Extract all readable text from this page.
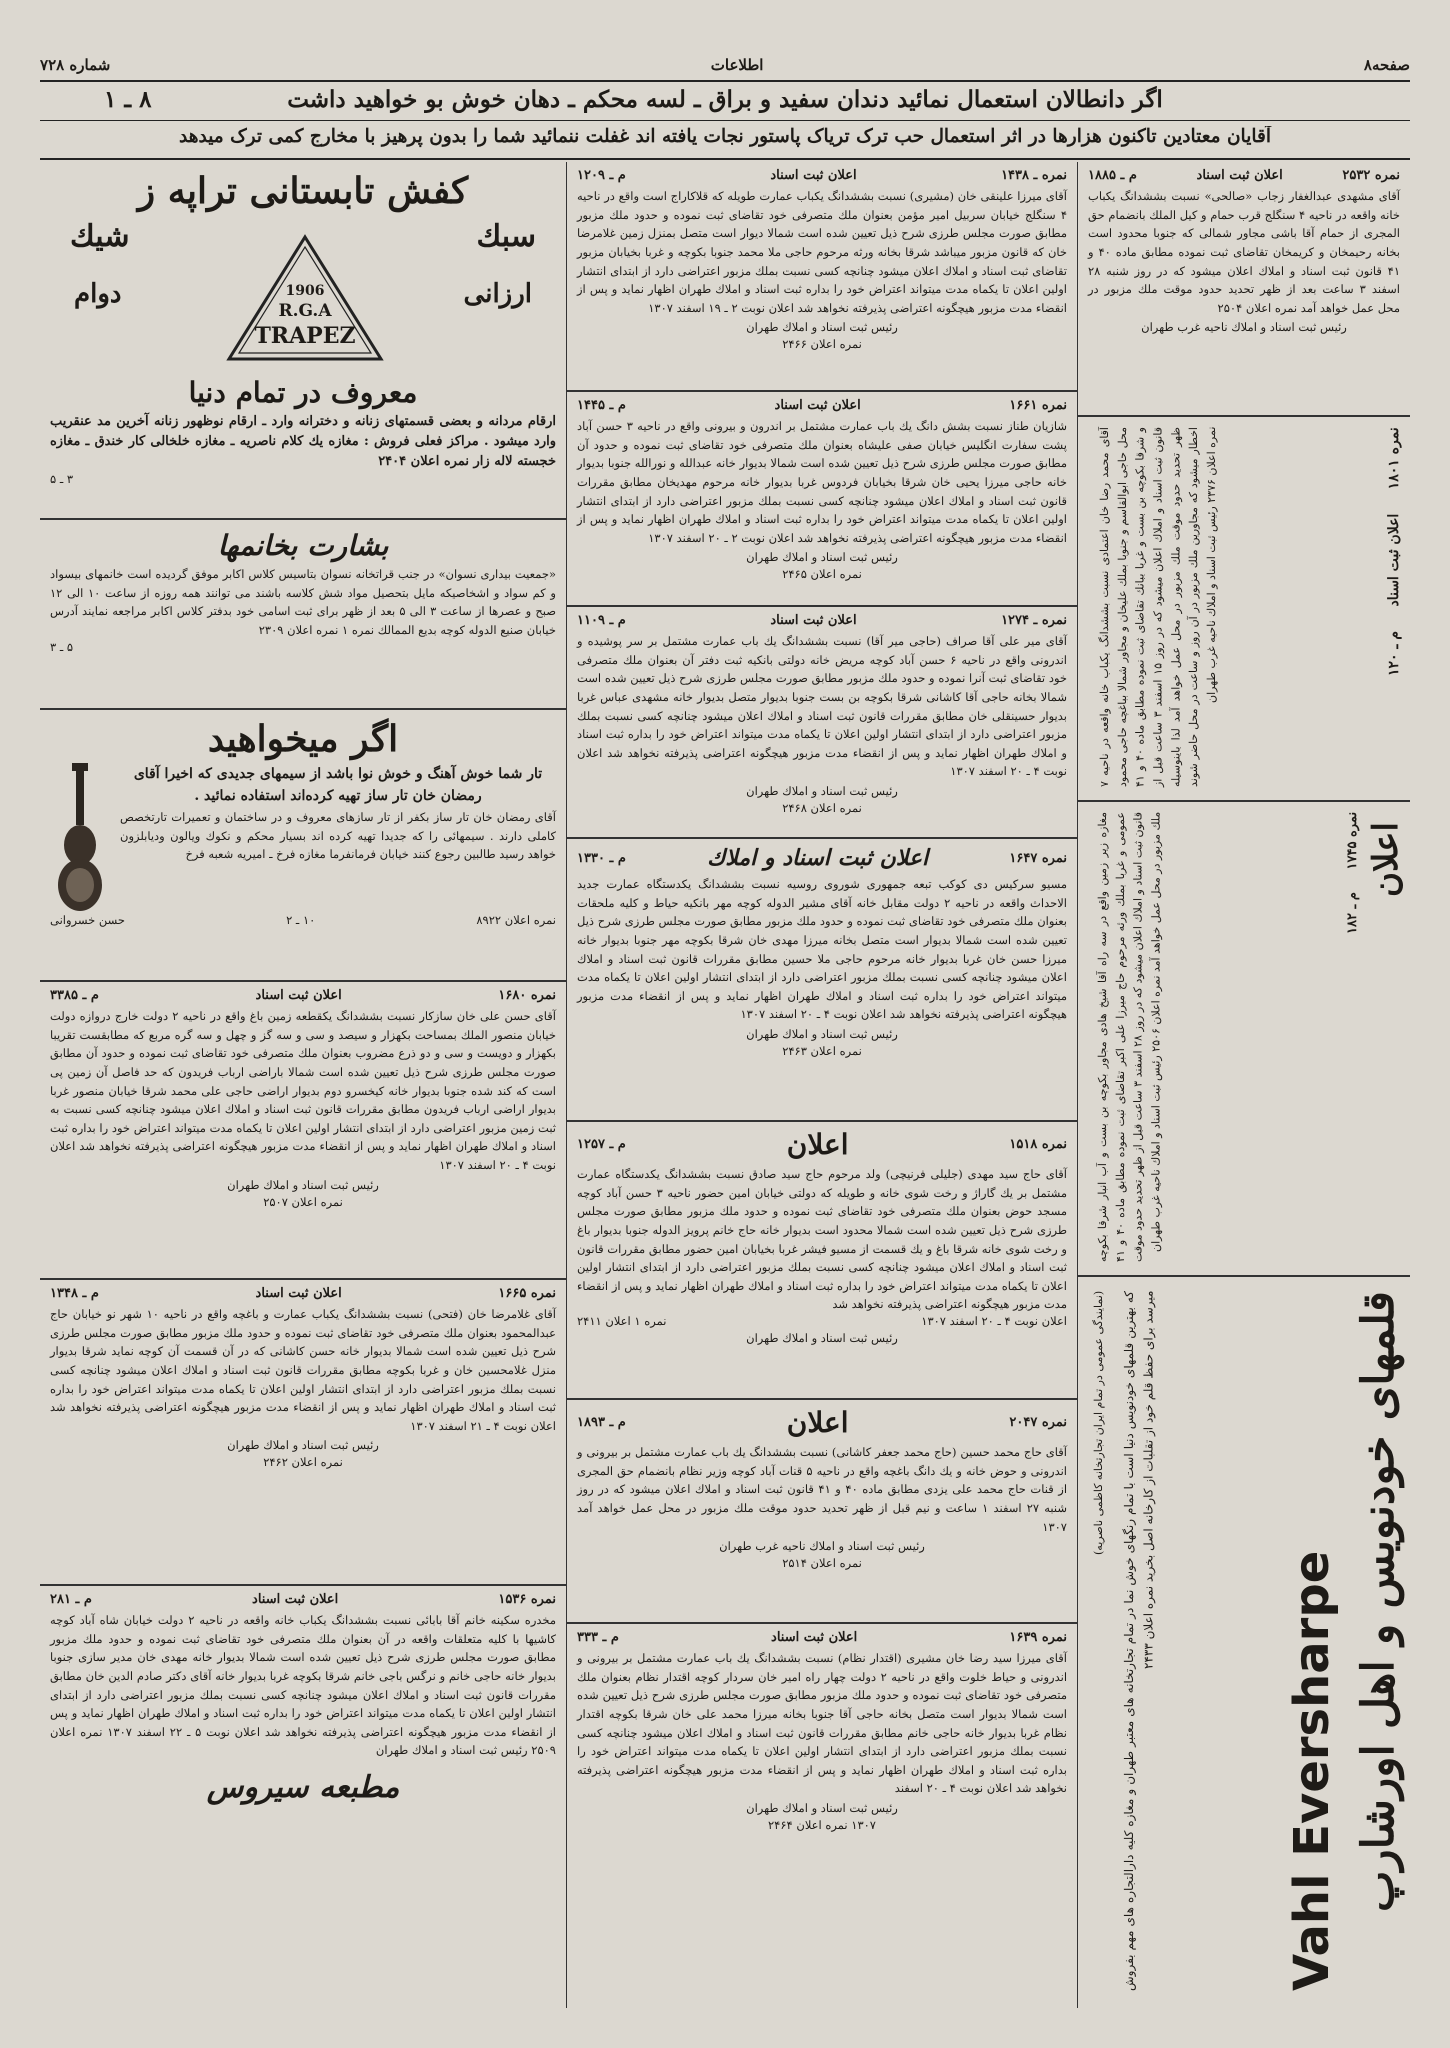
صفحه۸
اطلاعات
شماره ۷۲۸
اگر دانطالان استعمال نمائید دندان سفید و براق ـ لسه محکم ـ دهان خوش بو خواهید داشت
۸ ـ ۱
آقایان معتادین تاکنون هزارها در اثر استعمال حب ترک تریاک پاستور نجات یافته اند غفلت ننمائید شما را بدون پرهیز با مخارج کمی ترک میدهد
نمره ۲۵۳۲
اعلان ثبت اسناد
م ـ ۱۸۸۵
آقای مشهدی عبدالغفار زجاب «صالحی» نسبت بششدانگ یکباب خانه واقعه در ناحیه ۴ سنگلج قرب حمام و کیل الملك بانضمام حق المجری از حمام آقا باشی مجاور شمالی که جنوبا محدود است بخانه رحیمخان و کریمخان تقاضای ثبت نموده مطابق ماده ۴۰ و ۴۱ قانون ثبت اسناد و املاك اعلان میشود که در روز شنبه ۲۸ اسفند ۳ ساعت بعد از ظهر تحدید حدود موقت ملك مزبور در محل عمل خواهد آمد نمره اعلان ۲۵۰۴
رئیس ثبت اسناد و املاك ناحیه غرب طهران
نمره ۱۸۰۱     اعلان ثبت اسناد     م ـ ۱۲۰
آقای محمد رضا خان اعتمادی نسبت بششدانگ یکباب خانه واقعه در ناحیه ۷ محل حاجی ابوالقاسم و جنوبا بملك علیخان و مجاور شمالا بباغچه حاجی محمود و شرقا بکوچه بن بست و غربا ببانك تقاضای ثبت نموده مطابق ماده ۴۰ و ۴۱ قانون ثبت اسناد و املاك اعلان میشود که در روز ۱۵ اسفند ۳ ساعت قبل از ظهر تحدید حدود موقت ملك مزبور در محل عمل خواهد آمد لذا باینوسیله اخطار میشود که مجاورین ملك مزبور در آن روز و ساعت در محل حاضر شوند نمره اعلان ۲۳۷۶ رئیس ثبت اسناد و املاك ناحیه غرب طهران
اعلان
نمره ۱۷۴۵     م ـ ۱۸۲
مغازه زیر زمین واقع در سه راه آقا شیخ هادی مجاور بکوچه بن بست و آب انبار شرقا بکوچه عمومی و غربا بملك ورثه مرحوم حاج میرزا علی اکبر تقاضای ثبت نموده مطابق ماده ۴۰ و ۴۱ قانون ثبت اسناد و املاك اعلان میشود که در روز ۲۸ اسفند ۳ ساعت قبل از ظهر تحدید حدود موقت ملك مزبور در محل عمل خواهد آمد نمره اعلان ۲۵۰۶ رئیس ثبت اسناد و املاك ناحیه غرب طهران
قلمهای خودنویس و اهل اورشارپ
Vahl Eversharpe
که بهترین قلمهای خودنویس دنیا است با تمام رنگهای خوش نما در تمام تجارتخانه های معتبر طهران و مغازه کلیه دارالتجاره های مهم بفروش میرسد برای حفظ قلم خود از تقلبات از کارخانه اصل بخرید نمره اعلان ۲۴۳۳
(نمایندگی عمومی در تمام ایران تجارتخانه کاظمی ناصریه)
نمره ـ ۱۴۳۸
اعلان ثبت اسناد
م ـ ۱۲۰۹
آقای میرزا علینقی خان (مشیری) نسبت بششدانگ یکباب عمارت طویله که قلاکاراج است واقع در ناحیه ۴ سنگلج خیابان سربیل امیر مؤمن بعنوان ملك متصرفی خود تقاضای ثبت نموده و حدود ملك مزبور مطابق صورت مجلس طرزی شرح ذیل تعیین شده است شمالا دیوار است متصل بمنزل زمین غلامرضا خان که قانون مزبور میباشد شرقا بخانه ورثه مرحوم حاجی ملا محمد جنوبا بکوچه و غربا بخیابان مزبور تقاضای ثبت اسناد و املاك اعلان میشود چنانچه کسی نسبت بملك مزبور اعتراضی دارد از ابتدای انتشار اولین اعلان تا یکماه مدت میتواند اعتراض خود را بداره ثبت اسناد و املاك طهران اظهار نماید و پس از انقضاء مدت مزبور هیچگونه اعتراضی پذیرفته نخواهد شد اعلان نوبت ۲ ـ ۱۹ اسفند ۱۳۰۷
رئیس ثبت اسناد و املاك طهران
نمره اعلان ۲۴۶۶
نمره ۱۶۶۱
اعلان ثبت اسناد
م ـ ۱۴۴۵
شازیان طناز نسبت بشش دانگ یك باب عمارت مشتمل بر اندرون و بیرونی واقع در ناحیه ۳ حسن آباد پشت سفارت انگلیس خیابان صفی علیشاه بعنوان ملك متصرفی خود تقاضای ثبت نموده و حدود آن مطابق صورت مجلس طرزی شرح ذیل تعیین شده است شمالا بدیوار خانه عبدالله و نورالله جنوبا بدیوار خانه حاجی میرزا یحیی خان شرقا بخیابان فردوس غربا بدیوار خانه مرحوم مهدیخان مطابق مقررات قانون ثبت اسناد و املاك اعلان میشود چنانچه کسی نسبت بملك مزبور اعتراضی دارد از ابتدای انتشار اولین اعلان تا یکماه مدت میتواند اعتراض خود را بداره ثبت اسناد و املاك طهران اظهار نماید و پس از انقضاء مدت مزبور هیچگونه اعتراضی پذیرفته نخواهد شد اعلان نوبت ۲ ـ ۲۰ اسفند ۱۳۰۷
رئیس ثبت اسناد و املاك طهران
نمره اعلان ۲۴۶۵
نمره ـ ۱۲۷۴
اعلان ثبت اسناد
م ـ ۱۱۰۹
آقای میر علی آقا صراف (حاجی میر آقا) نسبت بششدانگ یك باب عمارت مشتمل بر سر پوشیده و اندرونی واقع در ناحیه ۶ حسن آباد کوچه مریض خانه دولتی بانکیه ثبت دفتر آن بعنوان ملك متصرفی خود تقاضای ثبت آنرا نموده و حدود ملك مزبور مطابق صورت مجلس طرزی شرح ذیل تعیین شده است شمالا بخانه حاجی آقا کاشانی شرقا بکوچه بن بست جنوبا بدیوار متصل بدیوار خانه مشهدی عباس غربا بدیوار حسینقلی خان مطابق مقررات قانون ثبت اسناد و املاك اعلان میشود چنانچه کسی نسبت بملك مزبور اعتراضی دارد از ابتدای انتشار اولین اعلان تا یکماه مدت میتواند اعتراض خود را بداره ثبت اسناد و املاك طهران اظهار نماید و پس از انقضاء مدت مزبور هیچگونه اعتراضی پذیرفته نخواهد شد اعلان نوبت ۴ ـ ۲۰ اسفند ۱۳۰۷
رئیس ثبت اسناد و املاك طهران
نمره اعلان ۲۴۶۸
نمره ۱۶۴۷
اعلان ثبت اسناد و املاك
م ـ ۱۳۳۰
مسیو سرکیس دی کوکب تبعه جمهوری شوروی روسیه نسبت بششدانگ یکدستگاه عمارت جدید الاحداث واقعه در ناحیه ۲ دولت مقابل خانه آقای مشیر الدوله کوچه مهر بانکیه حیاط و کلیه ملحقات بعنوان ملك متصرفی خود تقاضای ثبت نموده و حدود ملك مزبور مطابق صورت مجلس طرزی شرح ذیل تعیین شده است شمالا بدیوار است متصل بخانه میرزا مهدی خان شرقا بکوچه مهر جنوبا بدیوار خانه میرزا حسن خان غربا بدیوار خانه مرحوم حاجی ملا حسین مطابق مقررات قانون ثبت اسناد و املاك اعلان میشود چنانچه کسی نسبت بملك مزبور اعتراضی دارد از ابتدای انتشار اولین اعلان تا یکماه مدت میتواند اعتراض خود را بداره ثبت اسناد و املاك طهران اظهار نماید و پس از انقضاء مدت مزبور هیچگونه اعتراضی پذیرفته نخواهد شد اعلان نوبت ۴ ـ ۲۰ اسفند ۱۳۰۷
رئیس ثبت اسناد و املاك طهران
نمره اعلان ۲۴۶۳
نمره ۱۵۱۸
اعلان
م ـ ۱۲۵۷
آقای حاج سید مهدی (جلیلی فرنیچی) ولد مرحوم حاج سید صادق نسبت بششدانگ یکدستگاه عمارت مشتمل بر یك گاراژ و رخت شوی خانه و طویله که دولتی خیابان امین حضور ناحیه ۳ حسن آباد کوچه مسجد حوض بعنوان ملك متصرفی خود تقاضای ثبت نموده و حدود ملك مزبور مطابق صورت مجلس طرزی شرح ذیل تعیین شده است شمالا محدود است بدیوار خانه حاج خانم پرویز الدوله جنوبا بدیوار باغ و رخت شوی خانه شرقا باغ و یك قسمت از مسیو فیشر غربا بخیابان امین حضور مطابق مقررات قانون ثبت اسناد و املاك اعلان میشود چنانچه کسی نسبت بملك مزبور اعتراضی دارد از ابتدای انتشار اولین اعلان تا یکماه مدت میتواند اعتراض خود را بداره ثبت اسناد و املاك طهران اظهار نماید و پس از انقضاء مدت مزبور هیچگونه اعتراضی پذیرفته نخواهد شد
اعلان نوبت ۴ ـ ۲۰ اسفند ۱۳۰۷
نمره ۱ اعلان ۲۴۱۱
رئیس ثبت اسناد و املاك طهران
نمره ۲۰۴۷
اعلان
م ـ ۱۸۹۳
آقای حاج محمد حسین (حاج محمد جعفر کاشانی) نسبت بششدانگ یك باب عمارت مشتمل بر بیرونی و اندرونی و حوض خانه و یك دانگ باغچه واقع در ناحیه ۵ قنات آباد کوچه وزیر نظام بانضمام حق المجری از قنات حاج محمد علی یزدی مطابق ماده ۴۰ و ۴۱ قانون ثبت اسناد و املاك اعلان میشود که در روز شنبه ۲۷ اسفند ۱ ساعت و نیم قبل از ظهر تحدید حدود موقت ملك مزبور در محل عمل خواهد آمد ۱۳۰۷
رئیس ثبت اسناد و املاك ناحیه غرب طهران
نمره اعلان ۲۵۱۴
نمره ۱۶۳۹
اعلان ثبت اسناد
م ـ ۳۳۳
آقای میرزا سید رضا خان مشیری (اقتدار نظام) نسبت بششدانگ یك باب عمارت مشتمل بر بیرونی و اندرونی و حیاط خلوت واقع در ناحیه ۲ دولت چهار راه امیر خان سردار کوچه اقتدار نظام بعنوان ملك متصرفی خود تقاضای ثبت نموده و حدود ملك مزبور مطابق صورت مجلس طرزی شرح ذیل تعیین شده است شمالا بدیوار است متصل بخانه حاجی آقا جنوبا بخانه میرزا محمد علی خان شرقا بکوچه اقتدار نظام غربا بدیوار خانه حاجی خانم مطابق مقررات قانون ثبت اسناد و املاك اعلان میشود چنانچه کسی نسبت بملك مزبور اعتراضی دارد از ابتدای انتشار اولین اعلان تا یکماه مدت میتواند اعتراض خود را بداره ثبت اسناد و املاك طهران اظهار نماید و پس از انقضاء مدت مزبور هیچگونه اعتراضی پذیرفته نخواهد شد اعلان نوبت ۴ ـ ۲۰ اسفند
رئیس ثبت اسناد و املاك طهران
۱۳۰۷ نمره اعلان ۲۴۶۴
کفش تابستانی تراپه ز
سبك
ارزانی
شیك
دوام	1906
R.G.A
TRAPEZ
معروف در تمام دنیا
ارقام مردانه و بعضی قسمتهای زنانه و دخترانه وارد ـ ارقام نوظهور زنانه آخرین مد عنقریب وارد میشود . مراکز فعلی فروش : مغازه یك کلام ناصریه ـ مغازه خلخالی کار خندق ـ مغازه خجسته لاله زار نمره اعلان ۲۴۰۴
۳ ـ ۵
بشارت بخانمها
«جمعیت بیداری نسوان» در جنب قراتخانه نسوان بتاسیس کلاس اکابر موفق گردیده است خانمهای بیسواد و کم سواد و اشخاصیکه مایل بتحصیل مواد شش کلاسه باشند می توانند همه روزه از ساعت ۱۰ الی ۱۲ صبح و عصرها از ساعت ۳ الی ۵ بعد از ظهر برای ثبت اسامی خود بدفتر کلاس اکابر مراجعه نمایند آدرس خیابان صنیع الدوله کوچه بدیع الممالك نمره ۱ نمره اعلان ۲۳۰۹
۵ ـ ۳
اگر میخواهید
تار شما خوش آهنگ و خوش نوا باشد از سیمهای جدیدی که اخیرا آقای رمضان خان تار ساز تهیه کرده‌اند استفاده نمائید .
آقای رمضان خان تار ساز بکفر از تار سازهای معروف و در ساختمان و تعمیرات تارتخصص کاملی دارند . سیمهائی را که جدیدا تهیه کرده اند بسیار محکم و نکوك ویالون ودیابلزون خواهد رسید طالبین رجوع کنند خیابان فرمانفرما مغازه فرخ ـ امیریه شعبه فرخ
نمره اعلان ۸۹۲۲
۱۰ ـ ۲
حسن خسروانی
نمره ۱۶۸۰
اعلان ثبت اسناد
م ـ ۳۳۸۵
آقای حسن علی خان سازکار نسبت بششدانگ یکقطعه زمین باغ واقع در ناحیه ۲ دولت خارج دروازه دولت خیابان منصور الملك بمساحت بکهزار و سیصد و سی و سه گز و چهل و سه گره مربع که مطابقست تقریبا بکهزار و دویست و سی و دو ذرع مضروب بعنوان ملك متصرفی خود تقاضای ثبت نموده و حدود آن مطابق صورت مجلس طرزی شرح ذیل تعیین شده است شمالا باراضی ارباب فریدون که حد فاصل آن زمین پی است که کند شده جنوبا بدیوار خانه کیخسرو دوم بدیوار اراضی حاجی علی محمد شرقا خیابان منصور غربا بدیوار اراضی ارباب فریدون مطابق مقررات قانون ثبت اسناد و املاك اعلان میشود چنانچه کسی نسبت به ثبت زمین مزبور اعتراضی دارد از ابتدای انتشار اولین اعلان تا یکماه مدت میتواند اعتراض خود را بداره ثبت اسناد و املاك طهران اظهار نماید و پس از انقضاء مدت مزبور هیچگونه اعتراضی پذیرفته نخواهد شد اعلان نوبت ۴ ـ ۲۰ اسفند ۱۳۰۷
رئیس ثبت اسناد و املاك طهران
نمره اعلان ۲۵۰۷
نمره ۱۶۶۵
اعلان ثبت اسناد
م ـ ۱۳۴۸
آقای غلامرضا خان (فتحی) نسبت بششدانگ یکباب عمارت و باغچه واقع در ناحیه ۱۰ شهر نو خیابان حاج عبدالمحمود بعنوان ملك متصرفی خود تقاضای ثبت نموده و حدود ملك مزبور مطابق صورت مجلس طرزی شرح ذیل تعیین شده است شمالا بدیوار خانه حسن کاشانی که در آن قسمت آن کوچه نماید شرقا بدیوار منزل غلامحسین خان و غربا بکوچه مطابق مقررات قانون ثبت اسناد و املاك اعلان میشود چنانچه کسی نسبت بملك مزبور اعتراضی دارد از ابتدای انتشار اولین اعلان تا یکماه مدت میتواند اعتراض خود را بداره ثبت اسناد و املاك طهران اظهار نماید و پس از انقضاء مدت مزبور هیچگونه اعتراضی پذیرفته نخواهد شد اعلان نوبت ۴ ـ ۲۱ اسفند ۱۳۰۷
رئیس ثبت اسناد و املاك طهران
نمره اعلان ۲۴۶۲
نمره ۱۵۳۶
اعلان ثبت اسناد
م ـ ۲۸۱
مخدره سکینه خانم آقا بابائی نسبت بششدانگ یکباب خانه واقعه در ناحیه ۲ دولت خیابان شاه آباد کوچه کاشیها با کلیه متعلقات واقعه در آن بعنوان ملك متصرفی خود تقاضای ثبت نموده و حدود ملك مزبور مطابق صورت مجلس طرزی شرح ذیل تعیین شده است شمالا بدیوار خانه مهدی خان مدیر سازی جنوبا بدیوار خانه حاجی خانم و نرگس باجی خانم شرقا بکوچه غربا بدیوار خانه آقای دکتر صادم الدین خان مطابق مقررات قانون ثبت اسناد و املاك اعلان میشود چنانچه کسی نسبت بملك مزبور اعتراضی دارد از ابتدای انتشار اولین اعلان تا یکماه مدت میتواند اعتراض خود را بداره ثبت اسناد و املاك طهران اظهار نماید و پس از انقضاء مدت مزبور هیچگونه اعتراضی پذیرفته نخواهد شد اعلان نوبت ۵ ـ ۲۲ اسفند ۱۳۰۷ نمره اعلان ۲۵۰۹ رئیس ثبت اسناد و املاك طهران
مطبعه سیروس
